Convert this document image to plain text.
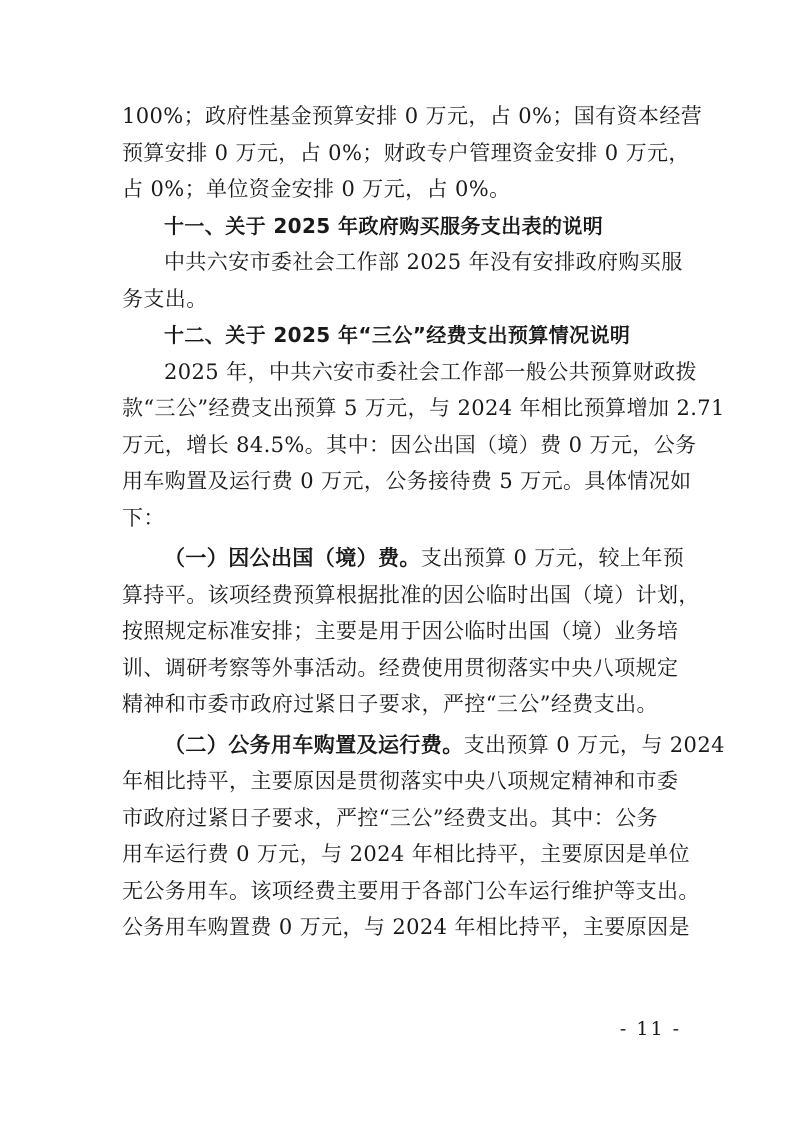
100%；政府性基金预算安排 0 万元，占 0%；国有资本经营
预算安排 0 万元，占 0%；财政专户管理资金安排 0 万元，
占 0%；单位资金安排 0 万元，占 0%。
十一、关于 2025 年政府购买服务支出表的说明
中共六安市委社会工作部 2025 年没有安排政府购买服
务支出。
十二、关于 2025 年“三公”经费支出预算情况说明
2025 年，中共六安市委社会工作部一般公共预算财政拨
款“三公”经费支出预算 5 万元，与 2024 年相比预算增加 2.71
万元，增长 84.5%。其中：因公出国（境）费 0 万元，公务
用车购置及运行费 0 万元，公务接待费 5 万元。具体情况如
下：
（一）因公出国（境）费。支出预算 0 万元，较上年预
算持平。该项经费预算根据批准的因公临时出国（境）计划，
按照规定标准安排；主要是用于因公临时出国（境）业务培
训、调研考察等外事活动。经费使用贯彻落实中央八项规定
精神和市委市政府过紧日子要求，严控“三公”经费支出。
（二）公务用车购置及运行费。支出预算 0 万元，与 2024
年相比持平，主要原因是贯彻落实中央八项规定精神和市委
市政府过紧日子要求，严控“三公”经费支出。其中：公务
用车运行费 0 万元，与 2024 年相比持平，主要原因是单位
无公务用车。该项经费主要用于各部门公车运行维护等支出。
公务用车购置费 0 万元，与 2024 年相比持平，主要原因是
- 11 -
